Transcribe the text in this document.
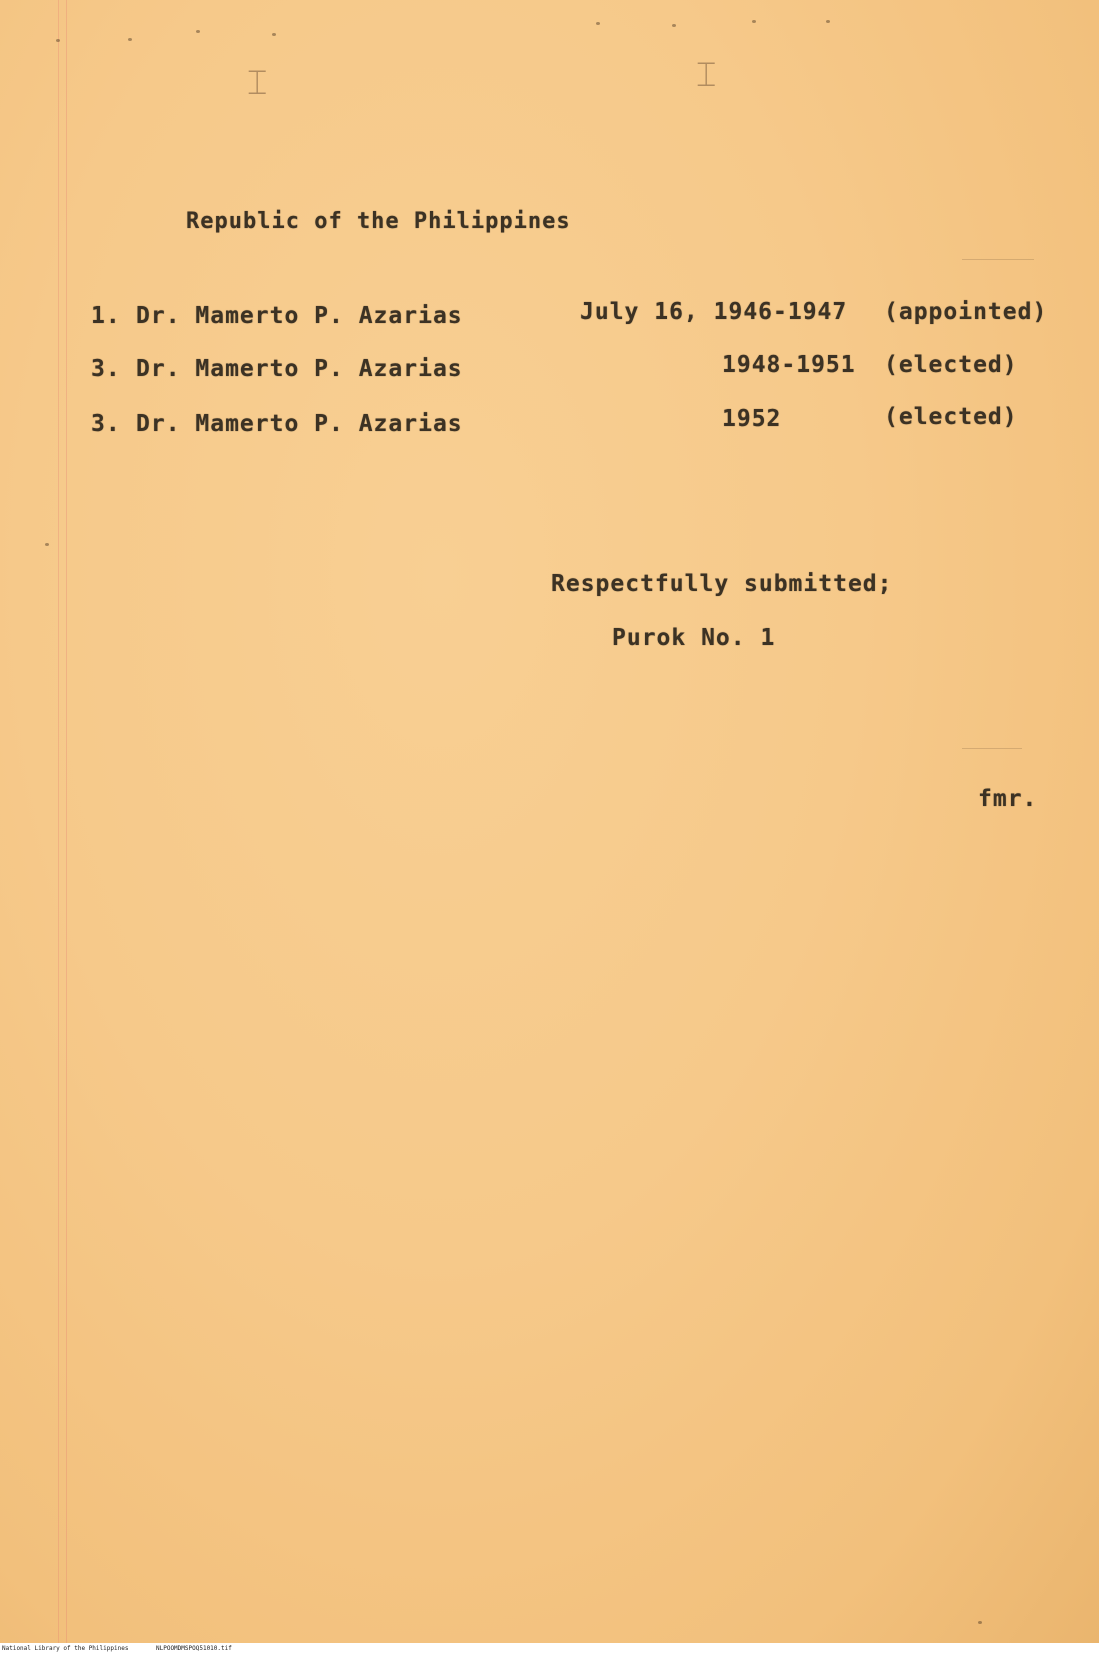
⌶	⌶
Republic of the Philippines
1. Dr. Mamerto P. Azarias	July 16, 1946-1947 (appointed)
3. Dr. Mamerto P. Azarias	1948-1951 (elected)
3. Dr. Mamerto P. Azarias	1952	(elected)
Respectfully submitted;
Purok No. 1
fmr.
National Library of the Philippines	NLPOOMDMSPOQ51010.tif
